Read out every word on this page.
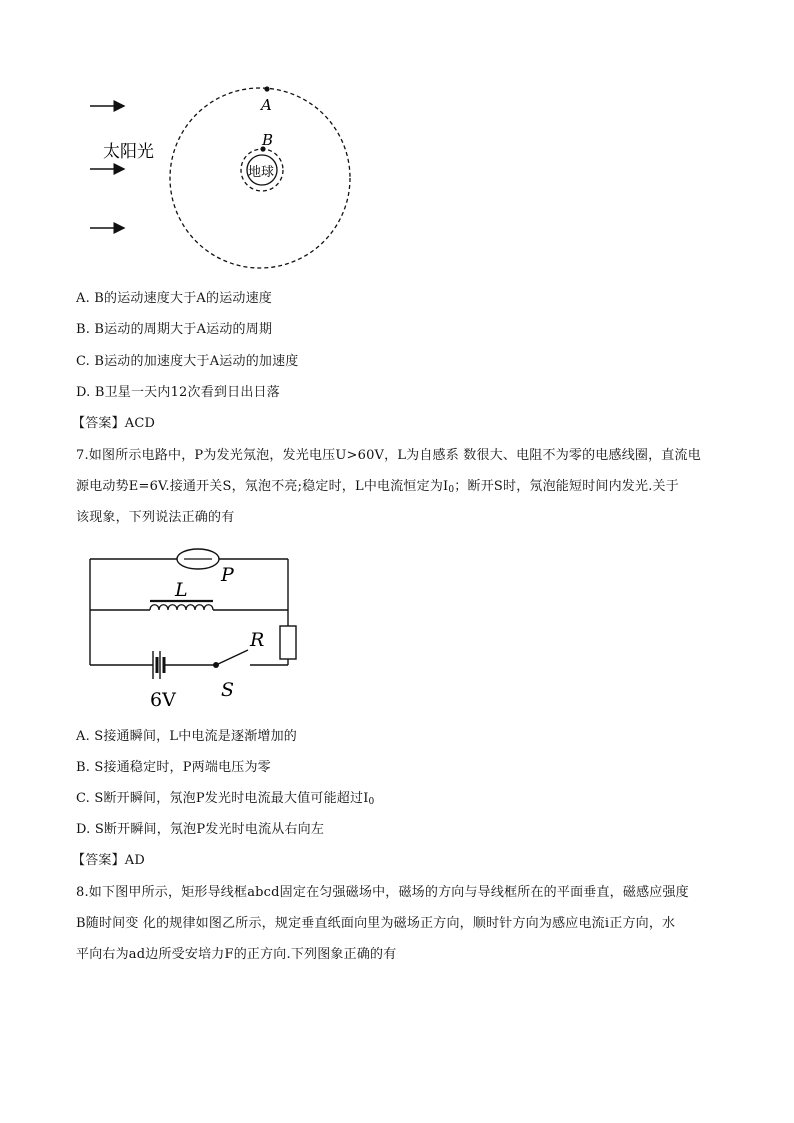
太阳光
A
B
地球
A. B的运动速度大于A的运动速度
B. B运动的周期大于A运动的周期
C. B运动的加速度大于A运动的加速度
D. B卫星一天内12次看到日出日落
【答案】ACD
7.如图所示电路中，P为发光氖泡，发光电压U>60V，L为自感系 数很大、电阻不为零的电感线圈，直流电
源电动势E=6V.接通开关S，氖泡不亮;稳定时，L中电流恒定为$I_0$；断开S时，氖泡能短时间内发光.关于
该现象，下列说法正确的有
P
L
R
6V S
A. S接通瞬间，L中电流是逐渐增加的
B. S接通稳定时，P两端电压为零
C. S断开瞬间，氖泡P发光时电流最大值可能超过$I_0$
D. S断开瞬间，氖泡P发光时电流从右向左
【答案】AD
8.如下图甲所示，矩形导线框abcd固定在匀强磁场中，磁场的方向与导线框所在的平面垂直，磁感应强度
B随时间变 化的规律如图乙所示，规定垂直纸面向里为磁场正方向，顺时针方向为感应电流i正方向，水
平向右为ad边所受安培力F的正方向.下列图象正确的有
